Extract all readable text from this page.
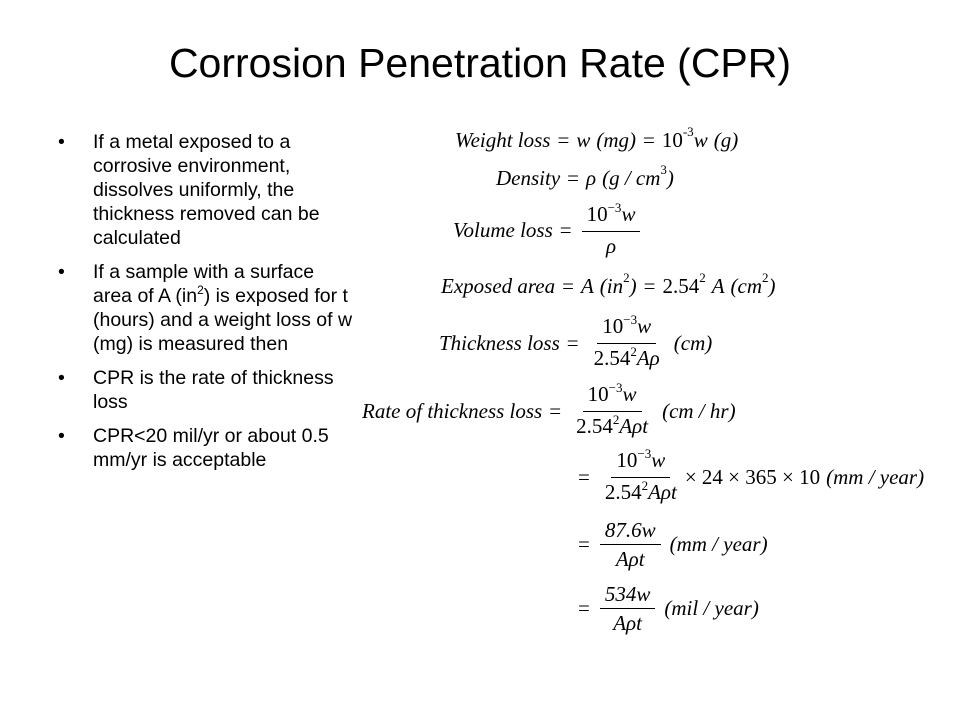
Corrosion Penetration Rate (CPR)
• If a metal exposed to a corrosive environment, dissolves uniformly, the thickness removed can be calculated
• If a sample with a surface area of A $(in^2)$ is exposed for t (hours) and a weight loss of w (mg) is measured then
• CPR is the rate of thickness loss
• CPR<20 mil/yr or about 0.5 mm/yr is acceptable
Weight loss = w (mg) = 10 -3 w (g)
Density = ρ (g / cm 3 )
Volume loss = $\frac{10^{-3}w}{\rho}$
Exposed area = A (in 2 ) = 2.54 2 A (cm 2 )
Thickness loss = $\frac{10^{-3}w}{2.54^2A\rho} (cm)$
Rate of thickness loss = $\frac{10^{-3}w}{2.54^2A\rho t} (cm / hr)$
= $\frac{10^{-3}w}{2.54^2A\rho t} \times 24 \times 365 \times 10$ (mm / year)
= $\frac{87.6w}{\text{Aρt}} (mm$ / year)
= $\frac{534w}{\text{Aρt}} (mil$ / year)
